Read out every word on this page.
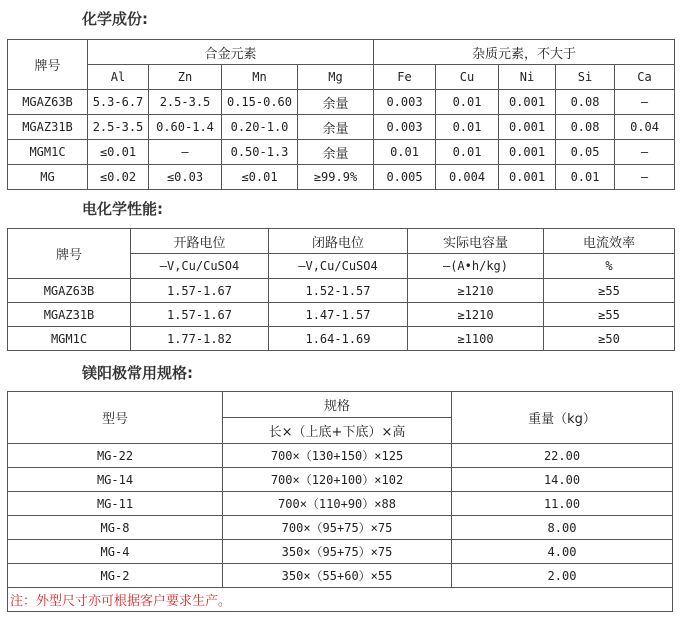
化学成份:
牌号	合金元素				杂质元素，不大于				
	Al	Zn	Mn	Mg	Fe	Cu	Ni	Si	Ca
MGAZ63B	5.3-6.7	2.5-3.5	0.15-0.60	余量	0.003	0.01	0.001	0.08	—
MGAZ31B	2.5-3.5	0.60-1.4	0.20-1.0	余量	0.003	0.01	0.001	0.08	0.04
MGM1C	≤0.01	—	0.50-1.3	余量	0.01	0.01	0.001	0.05	—
MG	≤0.02	≤0.03	≤0.01	≥99.9%	0.005	0.004	0.001	0.01	—
电化学性能:
牌号	开路电位	闭路电位	实际电容量	电流效率
	—V,Cu/CuSO4	—V,Cu/CuSO4	—(A•h/kg)	%
MGAZ63B	1.57-1.67	1.52-1.57	≥1210	≥55
MGAZ31B	1.57-1.67	1.47-1.57	≥1210	≥55
MGM1C	1.77-1.82	1.64-1.69	≥1100	≥50
镁阳极常用规格:
型号	规格	重量（kg）
	长×（上底+下底）×高	
MG-22	700×（130+150）×125	22.00
MG-14	700×（120+100）×102	14.00
MG-11	700×（110+90）×88	11.00
MG-8	700×（95+75）×75	8.00
MG-4	350×（95+75）×75	4.00
MG-2	350×（55+60）×55	2.00
注：外型尺寸亦可根据客户要求生产。		
